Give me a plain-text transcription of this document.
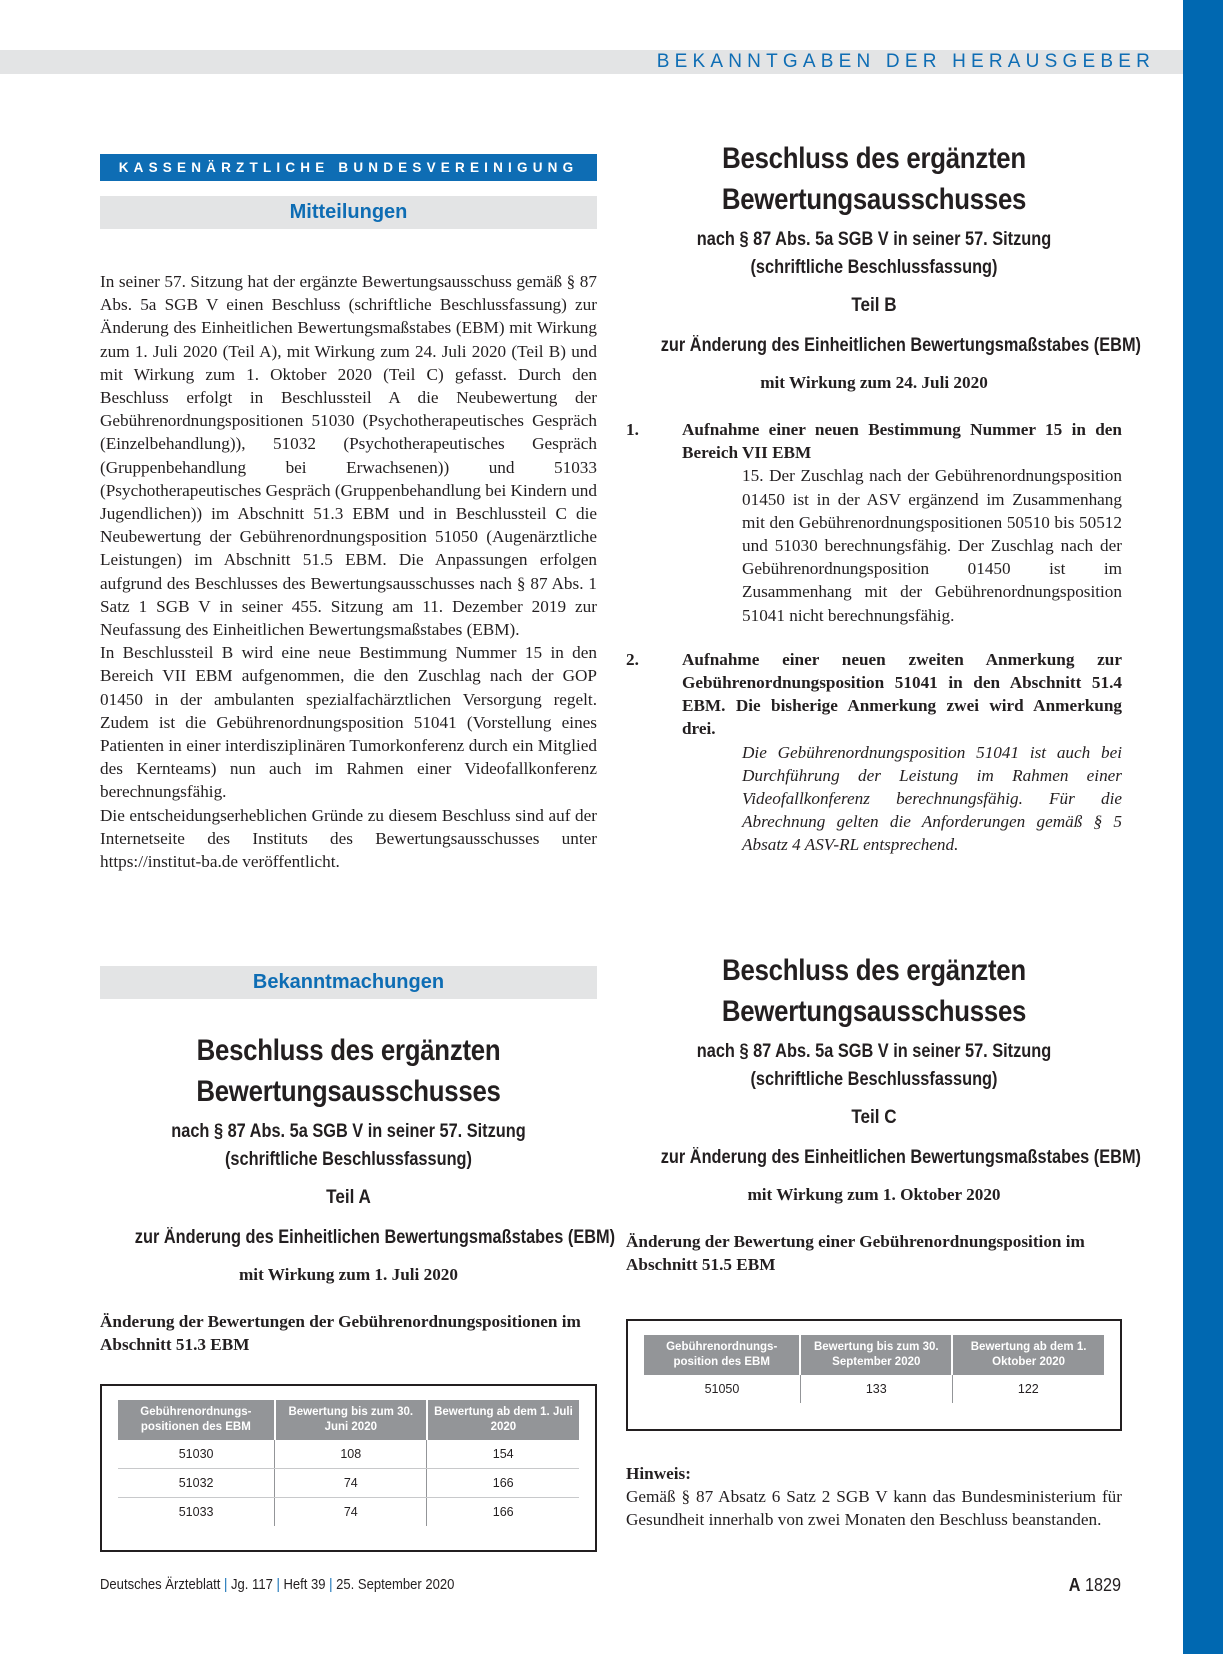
BEKANNTGABEN DER HERAUSGEBER
KASSENÄRZTLICHE BUNDESVEREINIGUNG
Mitteilungen

In seiner 57. Sitzung hat der ergänzte Bewertungsausschuss gemäß § 87 Abs. 5a SGB V einen Beschluss (schriftliche Beschlussfassung) zur Änderung des Einheitlichen Bewertungsmaßstabes (EBM) mit Wirkung zum 1. Juli 2020 (Teil A), mit Wirkung zum 24. Juli 2020 (Teil B) und mit Wirkung zum 1. Oktober 2020 (Teil C) gefasst. Durch den Beschluss erfolgt in Beschlussteil A die Neubewertung der Gebührenordnungspositionen 51030 (Psychotherapeutisches Gespräch (Einzelbehandlung)), 51032 (Psychotherapeutisches Gespräch (Gruppenbehandlung bei Erwachsenen)) und 51033 (Psychotherapeutisches Gespräch (Gruppenbehandlung bei Kindern und Jugendlichen)) im Abschnitt 51.3 EBM und in Beschlussteil C die Neubewertung der Gebührenordnungsposition 51050 (Augenärztliche Leistungen) im Abschnitt 51.5 EBM. Die Anpassungen erfolgen aufgrund des Beschlusses des Bewertungsausschusses nach § 87 Abs. 1 Satz 1 SGB V in seiner 455. Sitzung am 11. Dezember 2019 zur Neufassung des Einheitlichen Bewertungsmaßstabes (EBM).

In Beschlussteil B wird eine neue Bestimmung Nummer 15 in den Bereich VII EBM aufgenommen, die den Zuschlag nach der GOP 01450 in der ambulanten spezialfachärztlichen Versorgung regelt. Zudem ist die Gebührenordnungsposition 51041 (Vorstellung eines Patienten in einer interdisziplinären Tumorkonferenz durch ein Mitglied des Kernteams) nun auch im Rahmen einer Videofallkonferenz berechnungsfähig.

Die entscheidungserheblichen Gründe zu diesem Beschluss sind auf der Internetseite des Instituts des Bewertungsausschusses unter https://institut-ba.de veröffentlicht.

Bekanntmachungen
Beschluss des ergänzten
Bewertungsausschusses
nach § 87 Abs. 5a SGB V in seiner 57. Sitzung
(schriftliche Beschlussfassung)
Teil A
zur Änderung des Einheitlichen Bewertungsmaßstabes (EBM)
mit Wirkung zum 1. Juli 2020
Änderung der Bewertungen der Gebührenordnungspositionen im Abschnitt 51.3 EBM
Gebührenordnungs-positionen des EBM	Bewertung bis zum 30. Juni 2020	Bewertung ab dem 1. Juli 2020
51030	108	154
51032	74	166
51033	74	166
Beschluss des ergänzten
Bewertungsausschusses
nach § 87 Abs. 5a SGB V in seiner 57. Sitzung
(schriftliche Beschlussfassung)
Teil B
zur Änderung des Einheitlichen Bewertungsmaßstabes (EBM)
mit Wirkung zum 24. Juli 2020
1.	Aufnahme einer neuen Bestimmung Nummer 15 in den Bereich VII EBM
15. Der Zuschlag nach der Gebührenordnungsposition 01450 ist in der ASV ergänzend im Zusammenhang mit den Gebührenordnungspositionen 50510 bis 50512 und 51030 berechnungsfähig. Der Zuschlag nach der Gebührenordnungsposition 01450 ist im Zusammenhang mit der Gebührenordnungsposition 51041 nicht berechnungsfähig.
2.	Aufnahme einer neuen zweiten Anmerkung zur Gebührenordnungsposition 51041 in den Abschnitt 51.4 EBM. Die bisherige Anmerkung zwei wird Anmerkung drei.
Die Gebührenordnungsposition 51041 ist auch bei Durchführung der Leistung im Rahmen einer Videofallkonferenz berechnungsfähig. Für die Abrechnung gelten die Anforderungen gemäß § 5 Absatz 4 ASV-RL entsprechend.
Beschluss des ergänzten
Bewertungsausschusses
nach § 87 Abs. 5a SGB V in seiner 57. Sitzung
(schriftliche Beschlussfassung)
Teil C
zur Änderung des Einheitlichen Bewertungsmaßstabes (EBM)
mit Wirkung zum 1. Oktober 2020
Änderung der Bewertung einer Gebührenordnungsposition im Abschnitt 51.5 EBM
Gebührenordnungs-position des EBM	Bewertung bis zum 30. September 2020	Bewertung ab dem 1. Oktober 2020
51050	133	122
Hinweis:

Gemäß § 87 Absatz 6 Satz 2 SGB V kann das Bundesministerium für Gesundheit innerhalb von zwei Monaten den Beschluss beanstanden.

Deutsches Ärzteblatt | Jg. 117 | Heft 39 | 25. September 2020	A 1829
